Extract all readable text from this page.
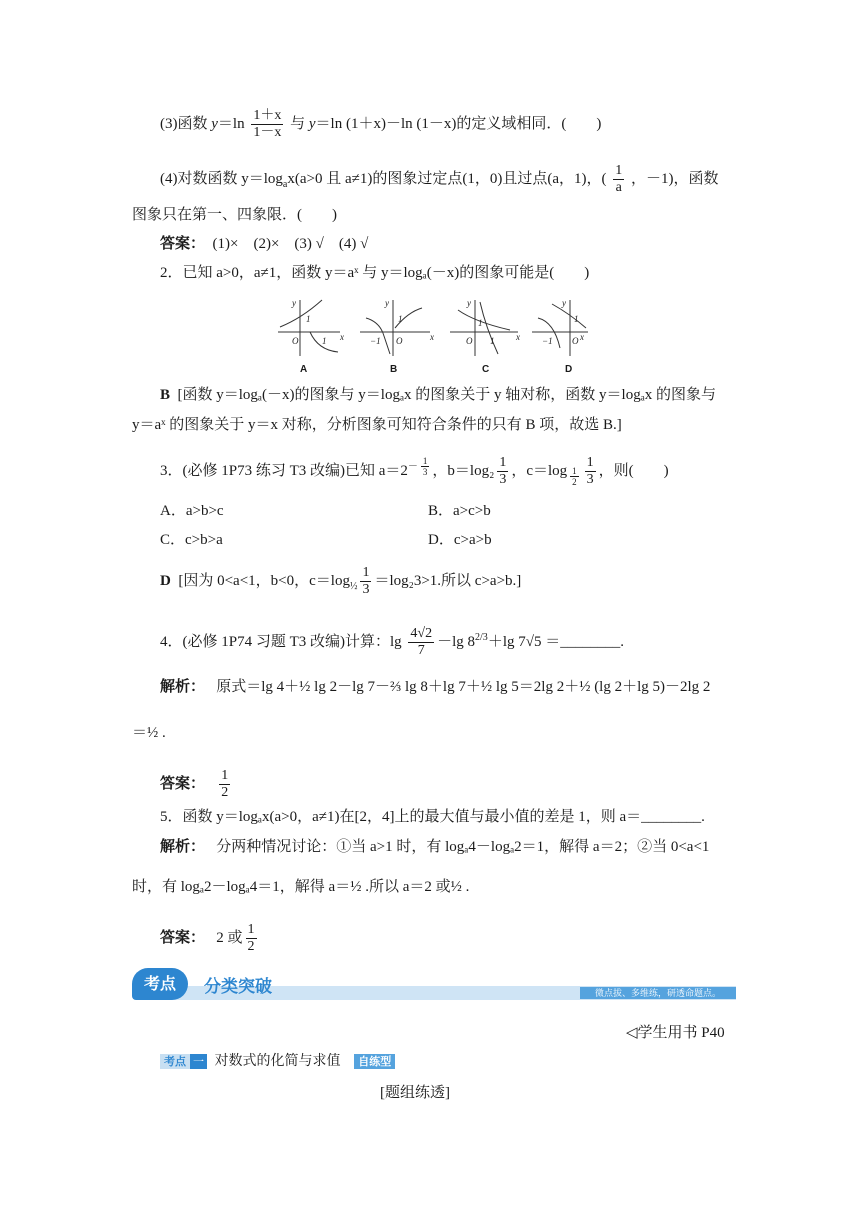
(3)函数 $y=\ln \frac{1+x}{1-x}$ 与 y＝ln (1＋x)－ln (1－x)的定义域相同．(　　)
(4)对数函数 $y=\log_ax(a>0$ 且 a≠1)的图象过定点(1，0)且过点(a，1)，( $\frac{1}{a}$ ，－1)，函数
图象只在第一、四象限．(　　)
答案： (1)×　(2)×　(3) √　(4) √
2．已知 a>0，a≠1，函数 y＝aˣ 与 y＝logₐ(－x)的图象可能是(　　)
y
x
O
1
1
y
x
O
−1
1
y
x
O
1
1
y
x
O
−1
1
A	B	C	D
B [函数 y＝logₐ(－x)的图象与 y＝logₐx 的图象关于 y 轴对称，函数 y＝logₐx 的图象与
y＝aˣ 的图象关于 y＝x 对称，分析图象可知符合条件的只有 B 项，故选 B.]
3．(必修 1P73 练习 T3 改编)已知 $a=2^{- \frac{1}{3}}$ ，$b=\log_2 \frac{1}{3}$ ，c＝log $_{\frac{1}{2}} \frac{1}{3}$ ，则(　　)
A．a>b>c	B．a>c>b
C．c>b>a	D．c>a>b
D [因为 0<a<1，b<0，$c=\log_{\frac{1}{2}} \frac{1}{3} =\log_23>1$.所以 c>a>b.]
4．(必修 1P74 习题 T3 改编)计算：$\lg \frac{4√2}{7} -\lg$ $8^{2/3}+\lg$ 7√5 ＝________.
解析： 原式＝lg 4＋½ lg 2－lg 7－⅔ lg 8＋lg 7＋½ lg 5＝2lg 2＋½ (lg 2＋lg 5)－2lg 2
＝½ .
答案： $\frac{1}{2}$
5．函数 y＝logₐx(a>0，a≠1)在[2，4]上的最大值与最小值的差是 1，则 a＝________.
解析： 分两种情况讨论：①当 a>1 时，有 logₐ4－logₐ2＝1，解得 a＝2；②当 0<a<1
时，有 logₐ2－logₐ4＝1，解得 a＝½ .所以 a＝2 或½ .
答案： 2 或 $\frac{1}{2}$
微点拔、多维练，研透命题点。
考点	分类突破
◁学生用书 P40
考点 一 对数式的化简与求值 自练型
[题组练透]
